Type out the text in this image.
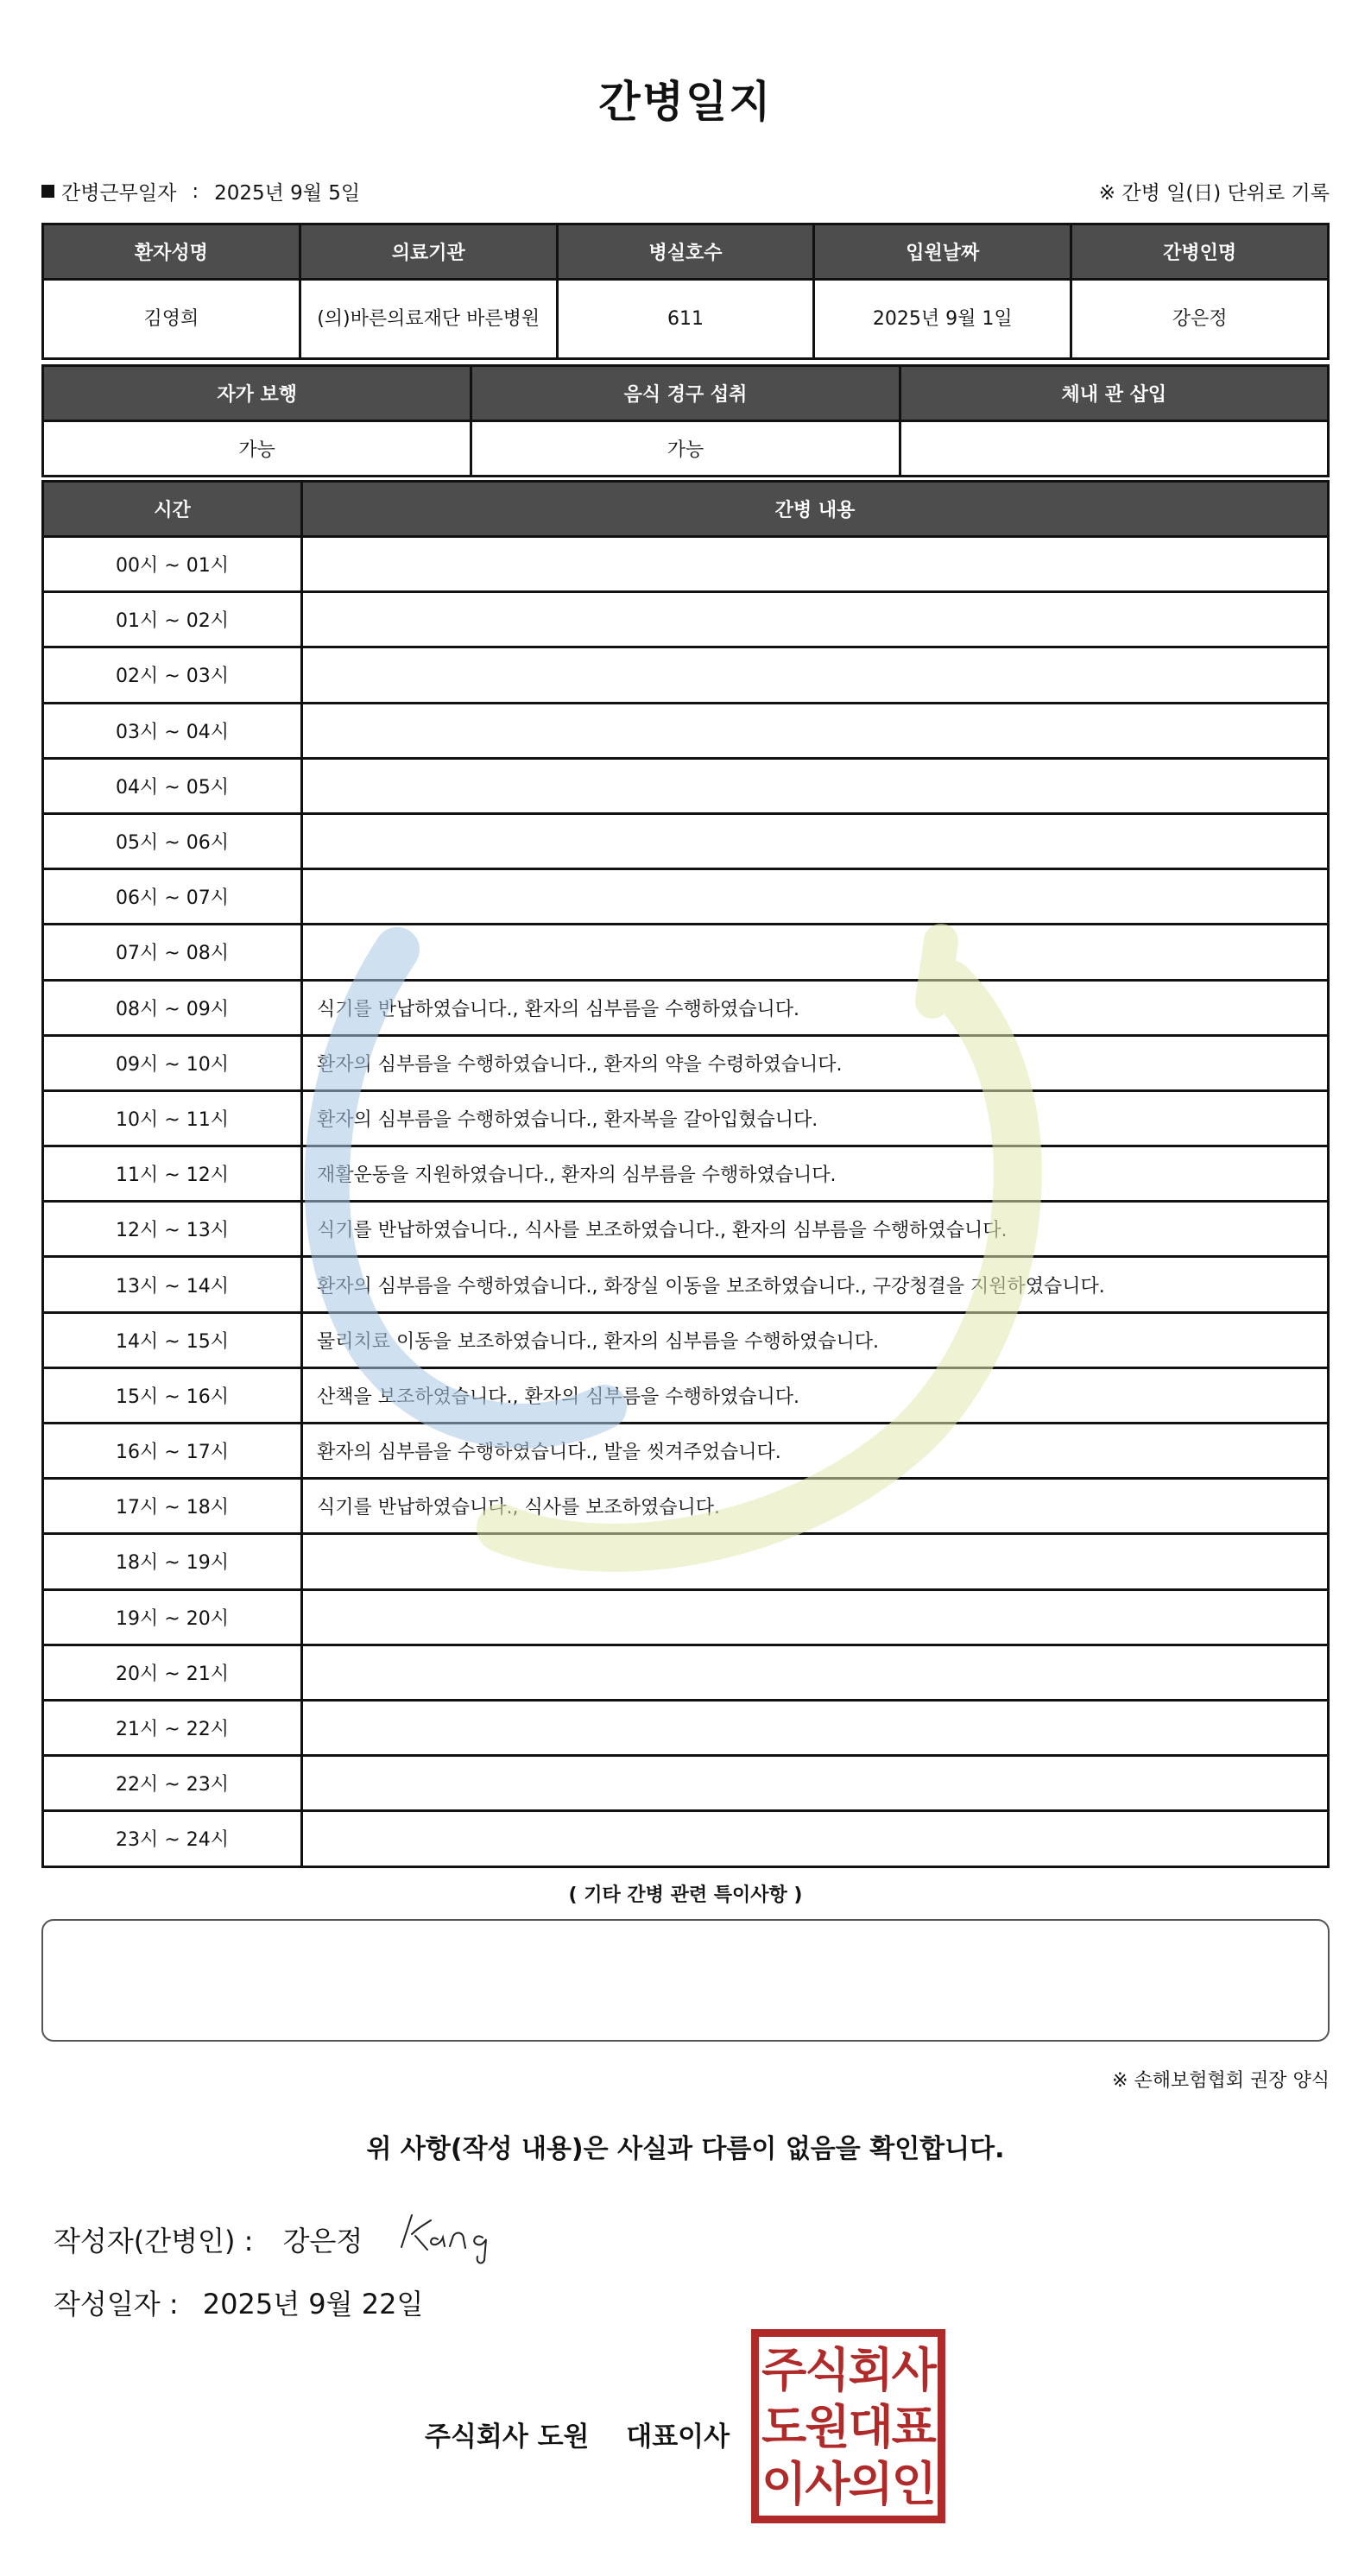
간병일지
간병근무일자 : 2025년 9월 5일	※ 간병 일(日) 단위로 기록
환자성명	의료기관	병실호수	입원날짜	간병인명
김영희	(의)바른의료재단 바른병원	611	2025년 9월 1일	강은정
자가 보행	음식 경구 섭취	체내 관 삽입
가능	가능	
시간	간병 내용
00시 ~ 01시	
01시 ~ 02시	
02시 ~ 03시	
03시 ~ 04시	
04시 ~ 05시	
05시 ~ 06시	
06시 ~ 07시	
07시 ~ 08시	
08시 ~ 09시	식기를 반납하였습니다., 환자의 심부름을 수행하였습니다.
09시 ~ 10시	환자의 심부름을 수행하였습니다., 환자의 약을 수령하였습니다.
10시 ~ 11시	환자의 심부름을 수행하였습니다., 환자복을 갈아입혔습니다.
11시 ~ 12시	재활운동을 지원하였습니다., 환자의 심부름을 수행하였습니다.
12시 ~ 13시	식기를 반납하였습니다., 식사를 보조하였습니다., 환자의 심부름을 수행하였습니다.
13시 ~ 14시	환자의 심부름을 수행하였습니다., 화장실 이동을 보조하였습니다., 구강청결을 지원하였습니다.
14시 ~ 15시	물리치료 이동을 보조하였습니다., 환자의 심부름을 수행하였습니다.
15시 ~ 16시	산책을 보조하였습니다., 환자의 심부름을 수행하였습니다.
16시 ~ 17시	환자의 심부름을 수행하였습니다., 발을 씻겨주었습니다.
17시 ~ 18시	식기를 반납하였습니다., 식사를 보조하였습니다.
18시 ~ 19시	
19시 ~ 20시	
20시 ~ 21시	
21시 ~ 22시	
22시 ~ 23시	
23시 ~ 24시	
( 기타 간병 관련 특이사항 )
※ 손해보험협회 권장 양식
위 사항(작성 내용)은 사실과 다름이 없음을 확인합니다.
작성자(간병인) : 강은정
작성일자 : 2025년 9월 22일
주식회사 도원 대표이사
주식회사
도원대표
이사의인
